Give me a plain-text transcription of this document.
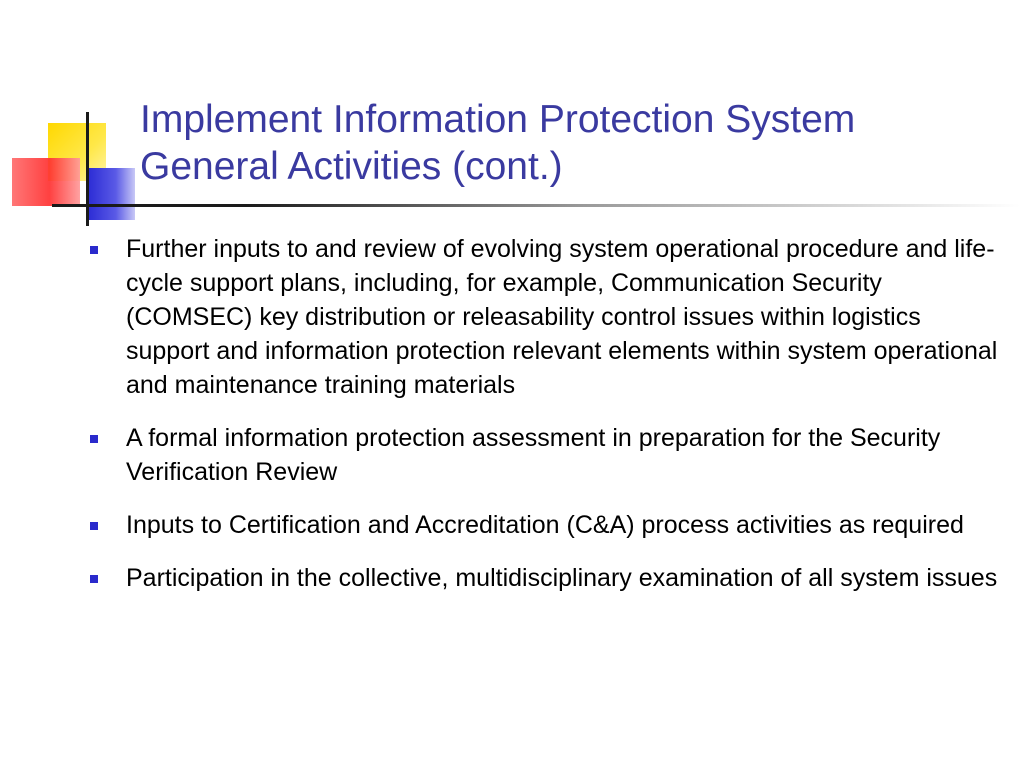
Implement Information Protection System
General Activities (cont.)
Further inputs to and review of evolving system operational procedure and life-cycle support plans, including, for example, Communication Security (COMSEC) key distribution or releasability control issues within logistics support and information protection relevant elements within system operational and maintenance training materials
A formal information protection assessment in preparation for the Security Verification Review
Inputs to Certification and Accreditation (C&A) process activities as required
Participation in the collective, multidisciplinary examination of all system issues
